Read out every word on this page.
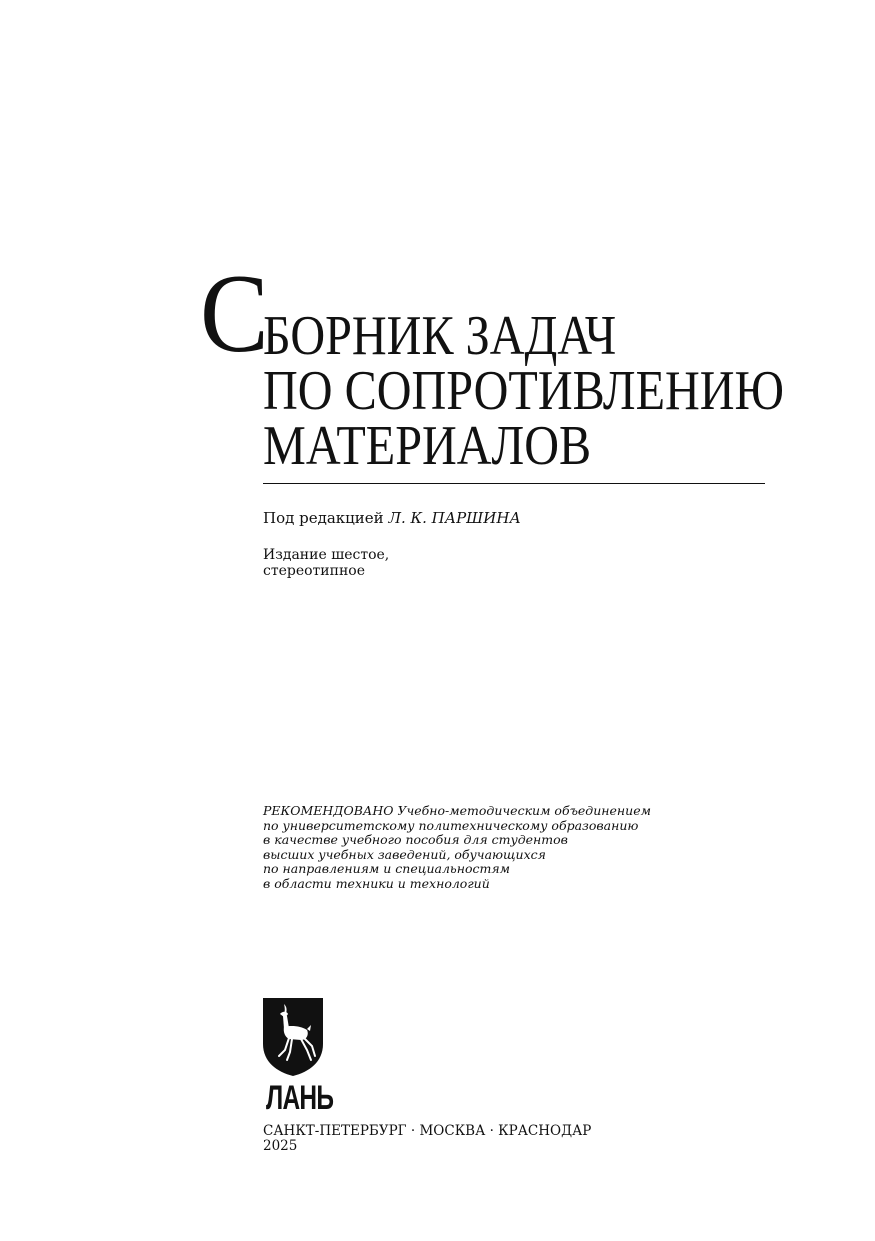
С
БОРНИК ЗАДАЧ
ПО СОПРОТИВЛЕНИЮ
МАТЕРИАЛОВ
Под редакцией Л. К. ПАРШИНА
Издание шестое,
стереотипное
РЕКОМЕНДОВАНО Учебно-методическим объединением
по университетскому политехническому образованию
в качестве учебного пособия для студентов
высших учебных заведений, обучающихся
по направлениям и специальностям
в области техники и технологий
ЛАНЬ
САНКТ-ПЕТЕРБУРГ · МОСКВА · КРАСНОДАР
2025
